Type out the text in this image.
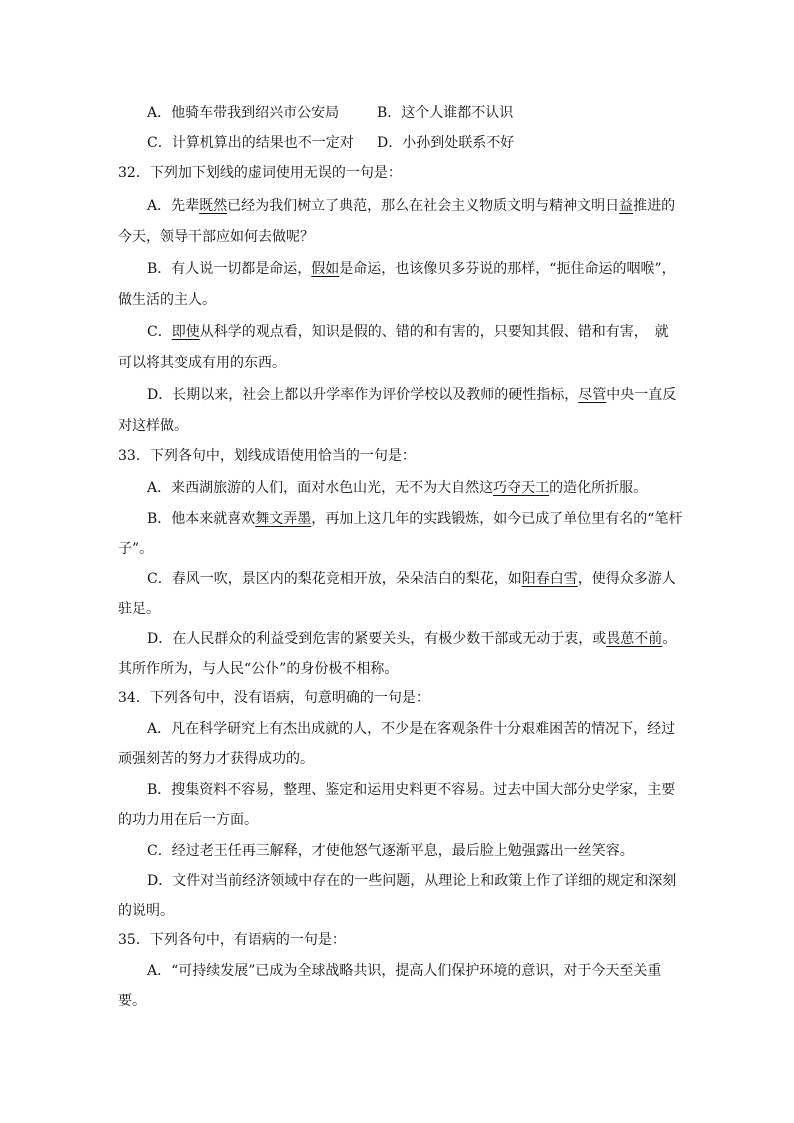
A．他骑车带我到绍兴市公安局	B．这个人谁都不认识
C．计算机算出的结果也不一定对 D．小孙到处联系不好
32．下列加下划线的虚词使用无误的一句是：
A．先辈既然已经为我们树立了典范，那么在社会主义物质文明与精神文明日益推进的
今天，领导干部应如何去做呢？
B．有人说一切都是命运，假如是命运，也该像贝多芬说的那样，“扼住命运的咽喉”，
做生活的主人。
C．即使从科学的观点看，知识是假的、错的和有害的，只要知其假、错和有害，　就
可以将其变成有用的东西。
D．长期以来，社会上都以升学率作为评价学校以及教师的硬性指标，尽管中央一直反
对这样做。
33．下列各句中，划线成语使用恰当的一句是：
A．来西湖旅游的人们，面对水色山光，无不为大自然这巧夺天工的造化所折服。
B．他本来就喜欢舞文弄墨，再加上这几年的实践锻炼，如今已成了单位里有名的“笔杆
子”。
C．春风一吹，景区内的梨花竞相开放，朵朵洁白的梨花，如阳春白雪，使得众多游人
驻足。
D．在人民群众的利益受到危害的紧要关头，有极少数干部或无动于衷，或畏葸不前。
其所作所为，与人民“公仆”的身份极不相称。
34．下列各句中，没有语病，句意明确的一句是：
A．凡在科学研究上有杰出成就的人，不少是在客观条件十分艰难困苦的情况下，经过
顽强刻苦的努力才获得成功的。
B．搜集资料不容易，整理、鉴定和运用史料更不容易。过去中国大部分史学家，主要
的功力用在后一方面。
C．经过老王任再三解释，才使他怒气逐渐平息，最后脸上勉强露出一丝笑容。
D．文件对当前经济领域中存在的一些问题，从理论上和政策上作了详细的规定和深刻
的说明。
35．下列各句中，有语病的一句是：
A．“可持续发展”已成为全球战略共识，提高人们保护环境的意识，对于今天至关重
要。
